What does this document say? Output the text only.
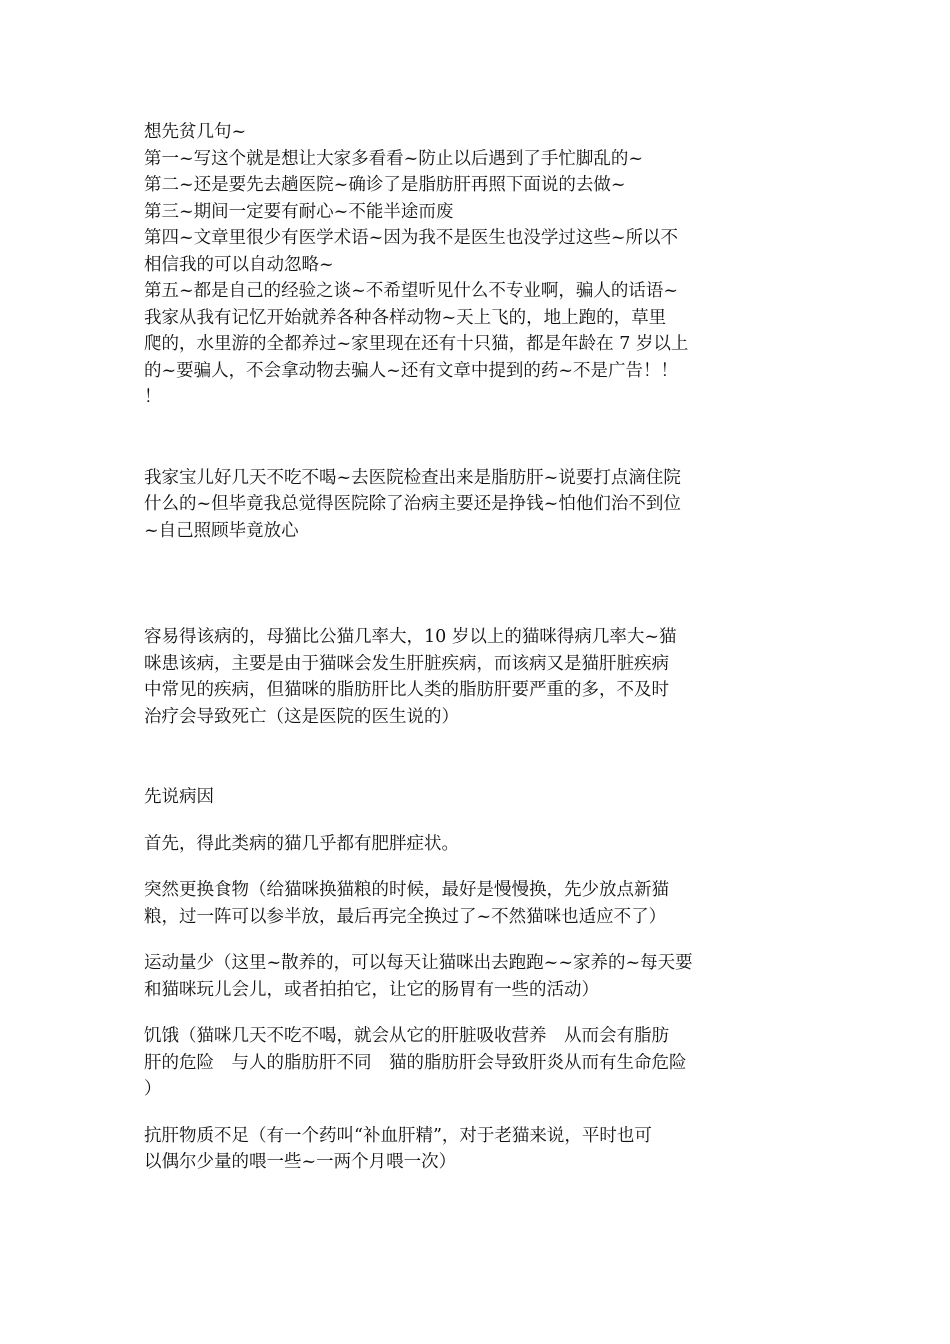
想先贫几句~
第一~写这个就是想让大家多看看~防止以后遇到了手忙脚乱的~
第二~还是要先去趟医院~确诊了是脂肪肝再照下面说的去做~
第三~期间一定要有耐心~不能半途而废
第四~文章里很少有医学术语~因为我不是医生也没学过这些~所以不
相信我的可以自动忽略~
第五~都是自己的经验之谈~不希望听见什么不专业啊，骗人的话语~
我家从我有记忆开始就养各种各样动物~天上飞的，地上跑的，草里
爬的，水里游的全都养过~家里现在还有十只猫，都是年龄在 7 岁以上
的~要骗人，不会拿动物去骗人~还有文章中提到的药~不是广告！！
！
我家宝儿好几天不吃不喝~去医院检查出来是脂肪肝~说要打点滴住院
什么的~但毕竟我总觉得医院除了治病主要还是挣钱~怕他们治不到位
~自己照顾毕竟放心
容易得该病的，母猫比公猫几率大，10 岁以上的猫咪得病几率大~猫
咪患该病，主要是由于猫咪会发生肝脏疾病，而该病又是猫肝脏疾病
中常见的疾病，但猫咪的脂肪肝比人类的脂肪肝要严重的多，不及时
治疗会导致死亡（这是医院的医生说的）
先说病因
首先，得此类病的猫几乎都有肥胖症状。
突然更换食物（给猫咪换猫粮的时候，最好是慢慢换，先少放点新猫
粮，过一阵可以参半放，最后再完全换过了~不然猫咪也适应不了）
运动量少（这里~散养的，可以每天让猫咪出去跑跑~~家养的~每天要
和猫咪玩儿会儿，或者拍拍它，让它的肠胃有一些的活动）
饥饿（猫咪几天不吃不喝，就会从它的肝脏吸收营养　从而会有脂肪
肝的危险　与人的脂肪肝不同　猫的脂肪肝会导致肝炎从而有生命危险
）
抗肝物质不足（有一个药叫“补血肝精”，对于老猫来说，平时也可
以偶尔少量的喂一些~一两个月喂一次）
